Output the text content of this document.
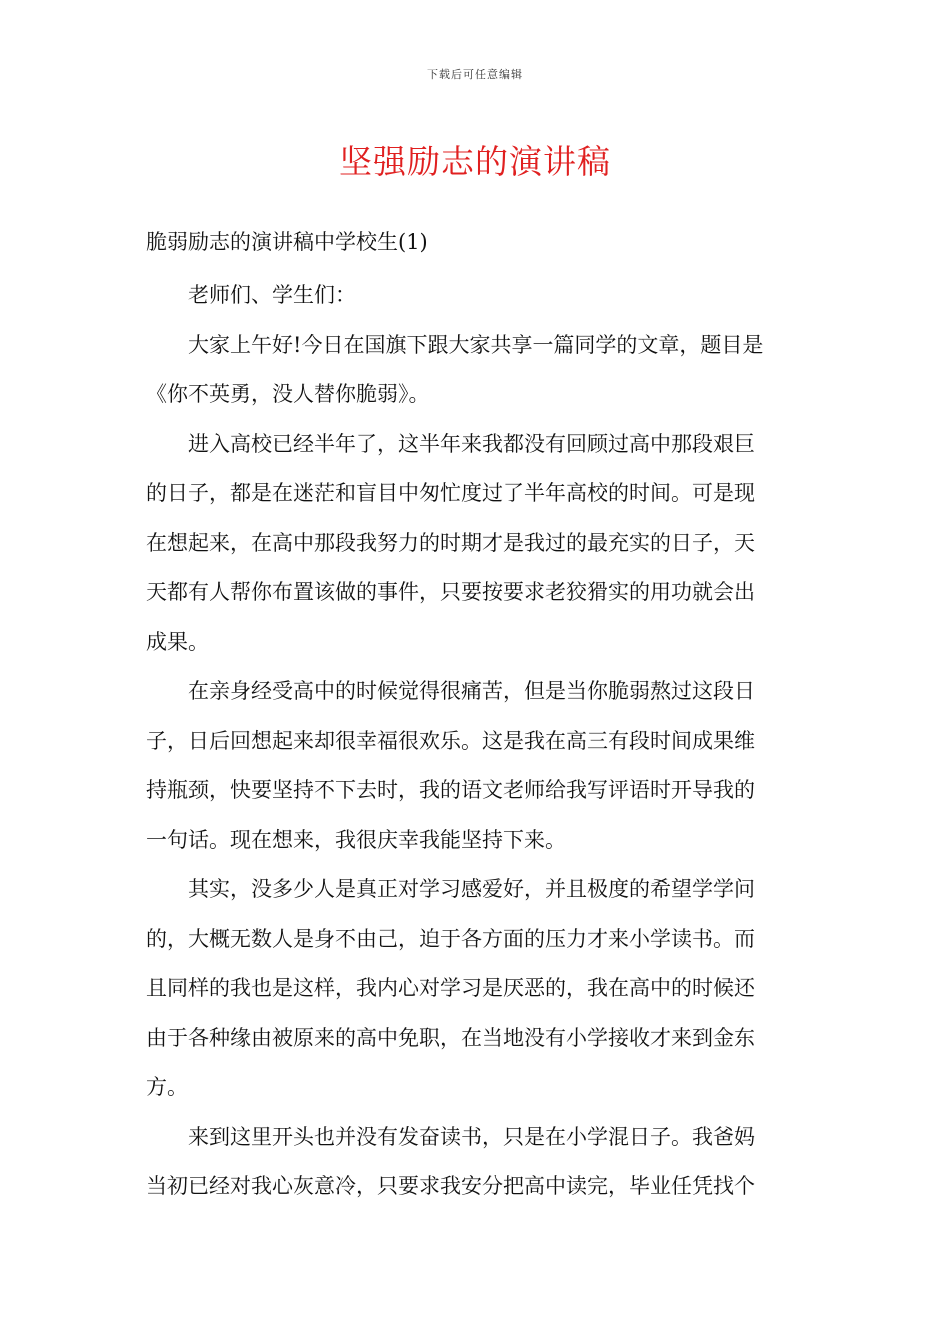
下载后可任意编辑
坚强励志的演讲稿
脆弱励志的演讲稿中学校生(1)
老师们、学生们：
大家上午好!今日在国旗下跟大家共享一篇同学的文章，题目是
《你不英勇，没人替你脆弱》。
进入高校已经半年了，这半年来我都没有回顾过高中那段艰巨
的日子，都是在迷茫和盲目中匆忙度过了半年高校的时间。可是现
在想起来，在高中那段我努力的时期才是我过的最充实的日子，天
天都有人帮你布置该做的事件，只要按要求老狡猾实的用功就会出
成果。
在亲身经受高中的时候觉得很痛苦，但是当你脆弱熬过这段日
子，日后回想起来却很幸福很欢乐。这是我在高三有段时间成果维
持瓶颈，快要坚持不下去时，我的语文老师给我写评语时开导我的
一句话。现在想来，我很庆幸我能坚持下来。
其实，没多少人是真正对学习感爱好，并且极度的希望学学问
的，大概无数人是身不由己，迫于各方面的压力才来小学读书。而
且同样的我也是这样，我内心对学习是厌恶的，我在高中的时候还
由于各种缘由被原来的高中免职，在当地没有小学接收才来到金东
方。
来到这里开头也并没有发奋读书，只是在小学混日子。我爸妈
当初已经对我心灰意冷，只要求我安分把高中读完，毕业任凭找个
